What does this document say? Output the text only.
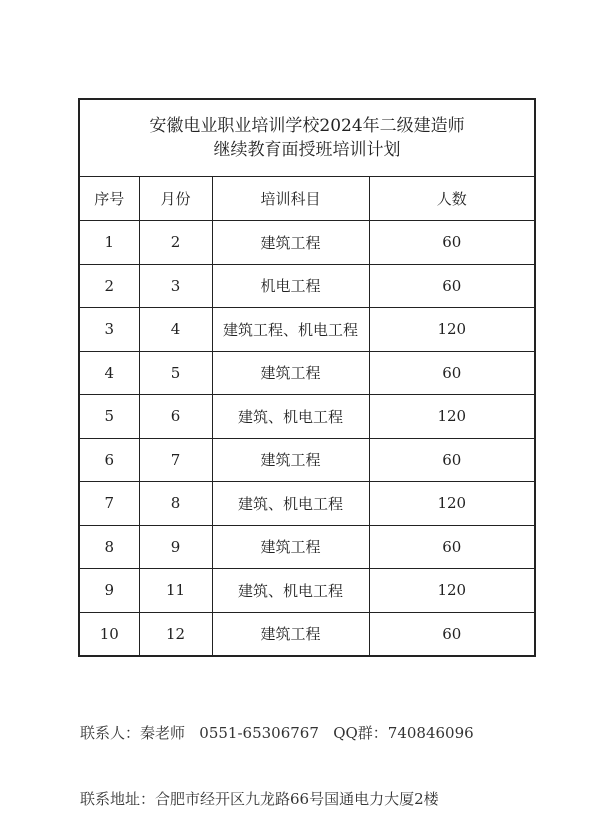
安徽电业职业培训学校2024年二级建造师
继续教育面授班培训计划			

序号	月份	培训科目	人数
1	2	建筑工程	60
2	3	机电工程	60
3	4	建筑工程、机电工程	120
4	5	建筑工程	60
5	6	建筑、机电工程	120
6	7	建筑工程	60
7	8	建筑、机电工程	120
8	9	建筑工程	60
9	11	建筑、机电工程	120
10	12	建筑工程	60

联系人：秦老师   0551-65306767   QQ群：740846096

联系地址：合肥市经开区九龙路66号国通电力大厦2楼
